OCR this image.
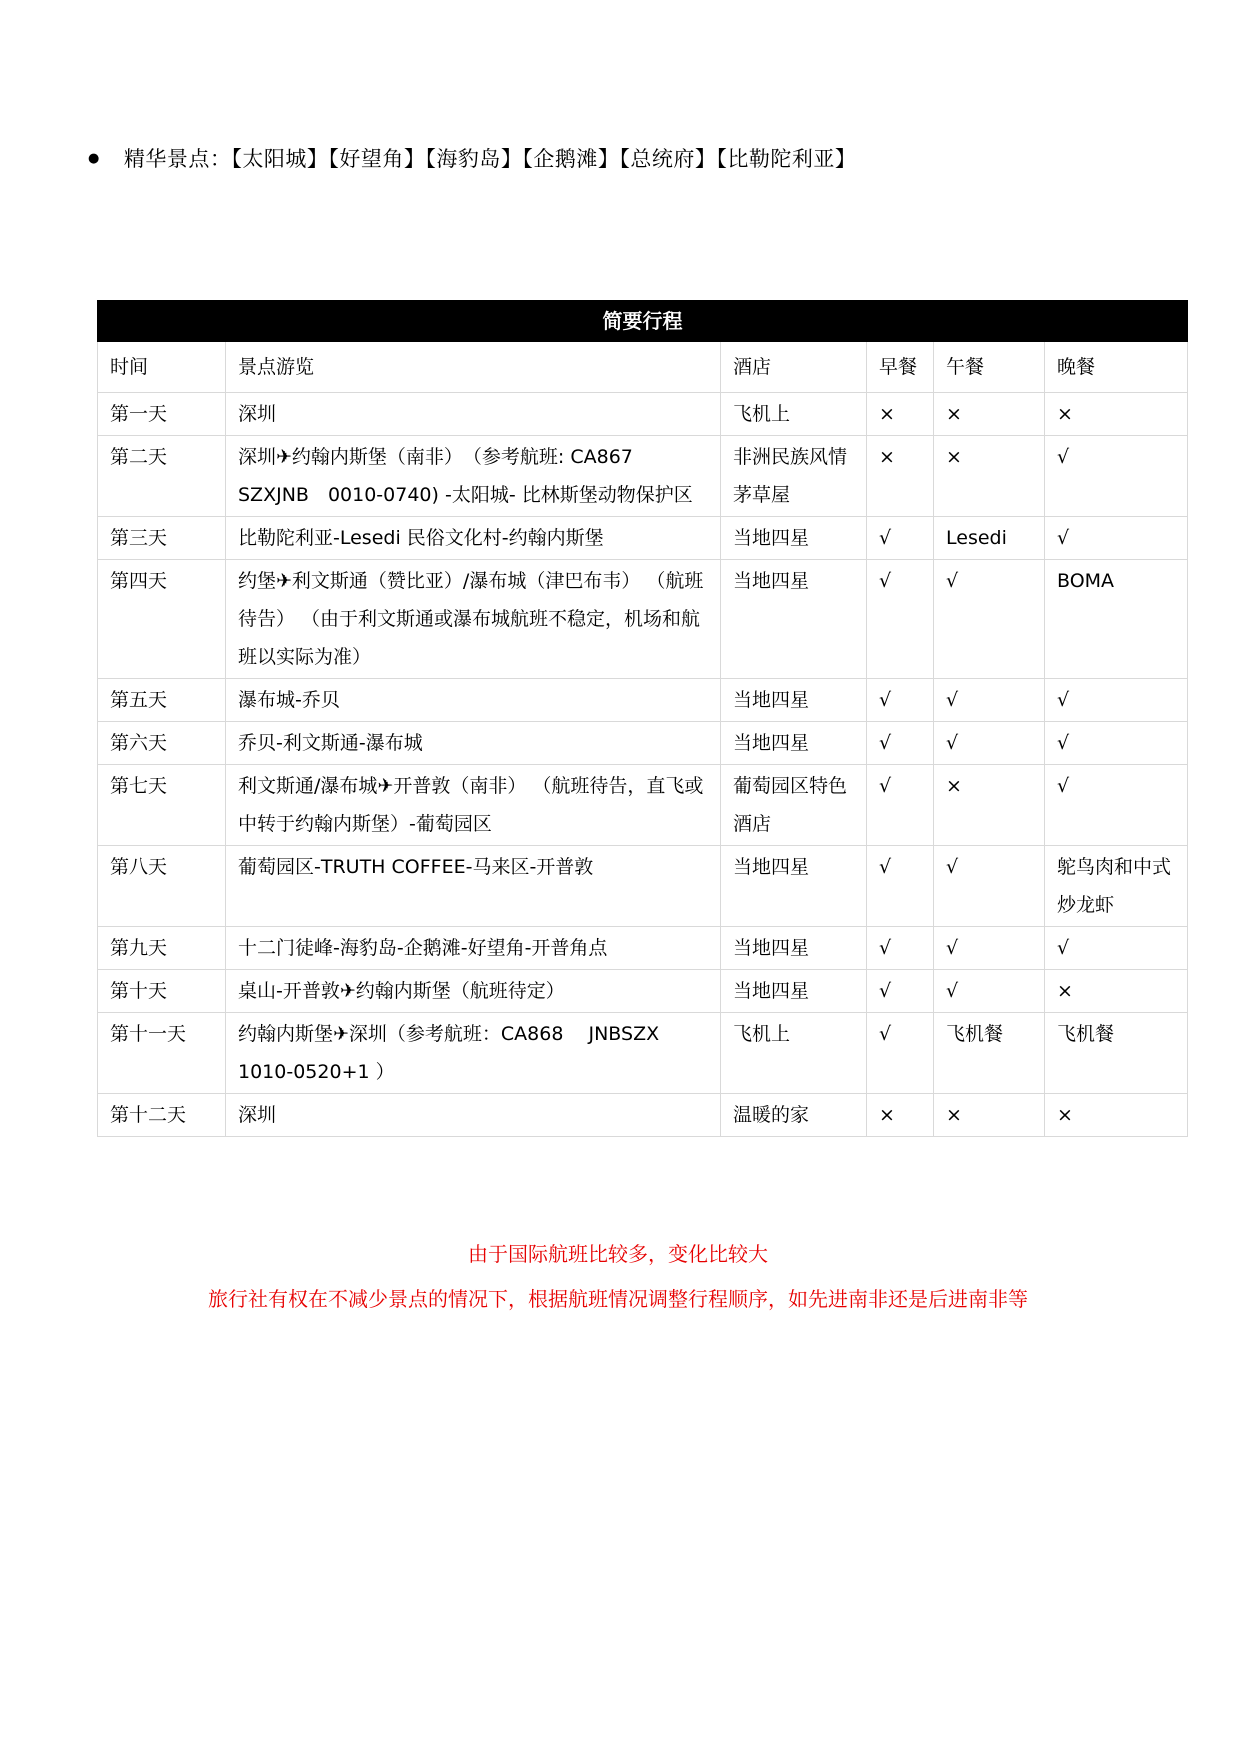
● 精华景点：【太阳城】【好望角】【海豹岛】【企鹅滩】【总统府】【比勒陀利亚】
简要行程					
时间	景点游览	酒店	早餐	午餐	晚餐
第一天	深圳	飞机上	×	×	×
第二天	深圳✈约翰内斯堡（南非）　（参考航班: CA867 SZXJNB　0010-0740) -太阳城- 比林斯堡动物保护区	非洲民族风情茅草屋	×	×	√
第三天	比勒陀利亚-Lesedi 民俗文化村-约翰内斯堡	当地四星	√	Lesedi	√
第四天	约堡✈利文斯通（赞比亚）/瀑布城（津巴布韦） （航班待告） （由于利文斯通或瀑布城航班不稳定，机场和航班以实际为准）	当地四星	√	√	BOMA
第五天	瀑布城-乔贝	当地四星	√	√	√
第六天	乔贝-利文斯通-瀑布城	当地四星	√	√	√
第七天	利文斯通/瀑布城✈开普敦（南非） （航班待告，直飞或中转于约翰内斯堡）-葡萄园区	葡萄园区特色酒店	√	×	√
第八天	葡萄园区-TRUTH COFFEE-马来区-开普敦	当地四星	√	√	鸵鸟肉和中式炒龙虾
第九天	十二门徒峰-海豹岛-企鹅滩-好望角-开普角点	当地四星	√	√	√
第十天	桌山-开普敦✈约翰内斯堡（航班待定）	当地四星	√	√	×
第十一天	约翰内斯堡✈深圳（参考航班：CA868　 JNBSZX 1010-0520+1 ）	飞机上	√	飞机餐	飞机餐
第十二天	深圳	温暖的家	×	×	×
由于国际航班比较多，变化比较大
旅行社有权在不减少景点的情况下，根据航班情况调整行程顺序，如先进南非还是后进南非等
